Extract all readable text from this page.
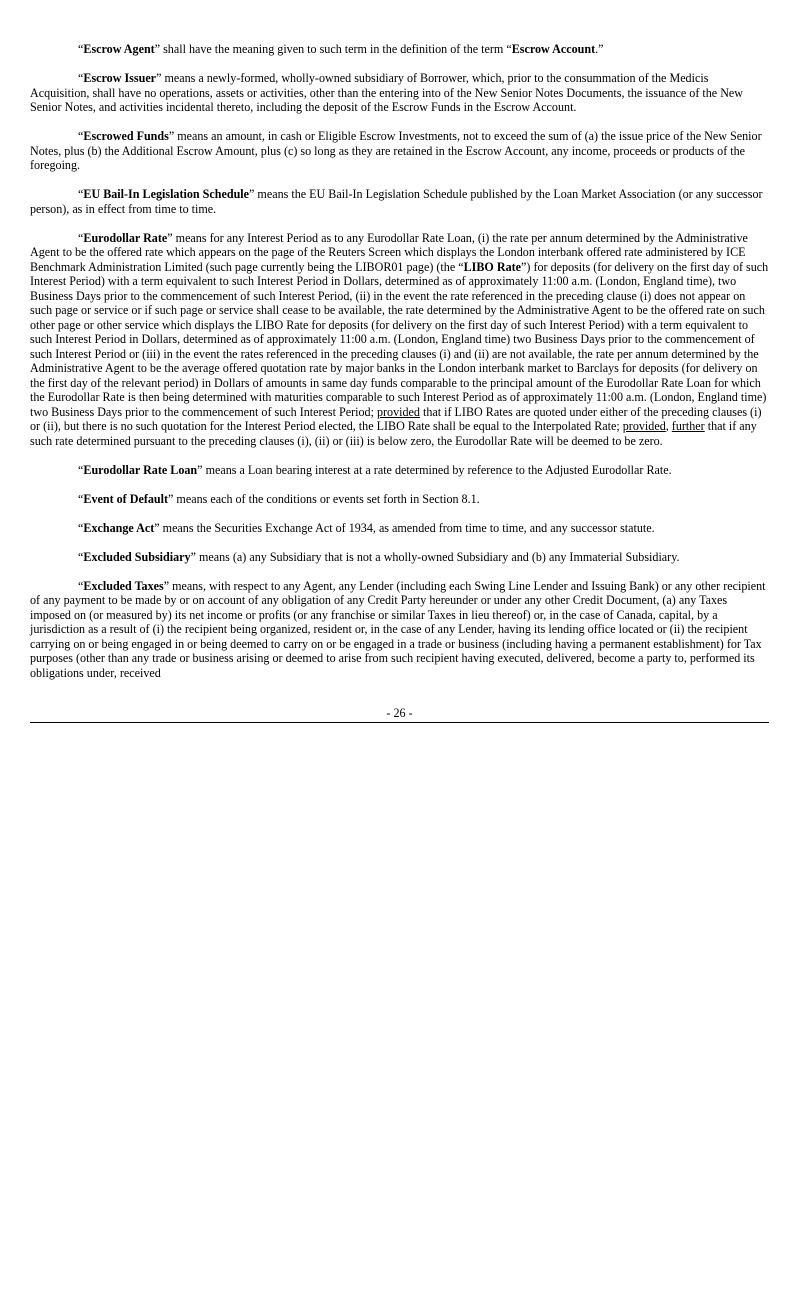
“Escrow Agent” shall have the meaning given to such term in the definition of the term “Escrow Account.”

“Escrow Issuer” means a newly-formed, wholly-owned subsidiary of Borrower, which, prior to the consummation of the Medicis Acquisition, shall have no operations, assets or activities, other than the entering into of the New Senior Notes Documents, the issuance of the New Senior Notes, and activities incidental thereto, including the deposit of the Escrow Funds in the Escrow Account.

“Escrowed Funds” means an amount, in cash or Eligible Escrow Investments, not to exceed the sum of (a) the issue price of the New Senior Notes, plus (b) the Additional Escrow Amount, plus (c) so long as they are retained in the Escrow Account, any income, proceeds or products of the foregoing.

“EU Bail-In Legislation Schedule” means the EU Bail-In Legislation Schedule published by the Loan Market Association (or any successor person), as in effect from time to time.

“Eurodollar Rate” means for any Interest Period as to any Eurodollar Rate Loan, (i) the rate per annum determined by the Administrative Agent to be the offered rate which appears on the page of the Reuters Screen which displays the London interbank offered rate administered by ICE Benchmark Administration Limited (such page currently being the LIBOR01 page) (the “LIBO Rate”) for deposits (for delivery on the first day of such Interest Period) with a term equivalent to such Interest Period in Dollars, determined as of approximately 11:00 a.m. (London, England time), two Business Days prior to the commencement of such Interest Period, (ii) in the event the rate referenced in the preceding clause (i) does not appear on such page or service or if such page or service shall cease to be available, the rate determined by the Administrative Agent to be the offered rate on such other page or other service which displays the LIBO Rate for deposits (for delivery on the first day of such Interest Period) with a term equivalent to such Interest Period in Dollars, determined as of approximately 11:00 a.m. (London, England time) two Business Days prior to the commencement of such Interest Period or (iii) in the event the rates referenced in the preceding clauses (i) and (ii) are not available, the rate per annum determined by the Administrative Agent to be the average offered quotation rate by major banks in the London interbank market to Barclays for deposits (for delivery on the first day of the relevant period) in Dollars of amounts in same day funds comparable to the principal amount of the Eurodollar Rate Loan for which the Eurodollar Rate is then being determined with maturities comparable to such Interest Period as of approximately 11:00 a.m. (London, England time) two Business Days prior to the commencement of such Interest Period; provided that if LIBO Rates are quoted under either of the preceding clauses (i) or (ii), but there is no such quotation for the Interest Period elected, the LIBO Rate shall be equal to the Interpolated Rate; provided, further that if any such rate determined pursuant to the preceding clauses (i), (ii) or (iii) is below zero, the Eurodollar Rate will be deemed to be zero.

“Eurodollar Rate Loan” means a Loan bearing interest at a rate determined by reference to the Adjusted Eurodollar Rate.

“Event of Default” means each of the conditions or events set forth in Section 8.1.

“Exchange Act” means the Securities Exchange Act of 1934, as amended from time to time, and any successor statute.

“Excluded Subsidiary” means (a) any Subsidiary that is not a wholly-owned Subsidiary and (b) any Immaterial Subsidiary.

“Excluded Taxes” means, with respect to any Agent, any Lender (including each Swing Line Lender and Issuing Bank) or any other recipient of any payment to be made by or on account of any obligation of any Credit Party hereunder or under any other Credit Document, (a) any Taxes imposed on (or measured by) its net income or profits (or any franchise or similar Taxes in lieu thereof) or, in the case of Canada, capital, by a jurisdiction as a result of (i) the recipient being organized, resident or, in the case of any Lender, having its lending office located or (ii) the recipient carrying on or being engaged in or being deemed to carry on or be engaged in a trade or business (including having a permanent establishment) for Tax purposes (other than any trade or business arising or deemed to arise from such recipient having executed, delivered, become a party to, performed its obligations under, received

- 26 -
